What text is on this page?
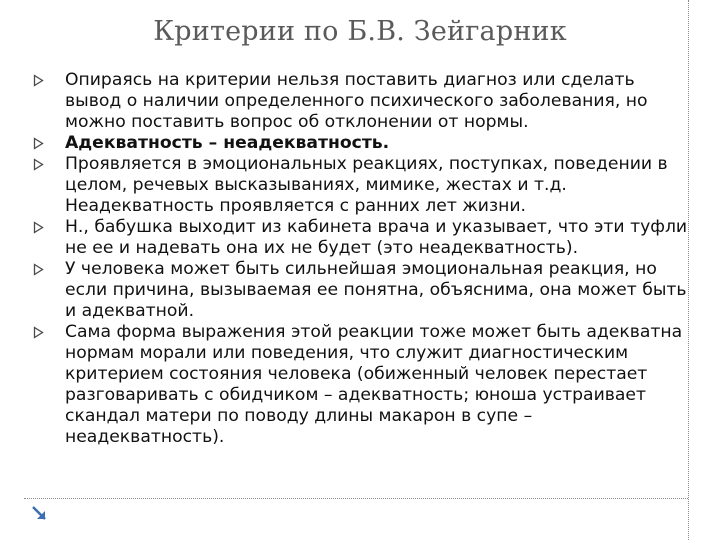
Критерии по Б.В. Зейгарник
Опираясь на критерии нельзя поставить диагноз или сделать вывод о наличии определенного психического заболевания, но можно поставить вопрос об отклонении от нормы.
Адекватность – неадекватность.
Проявляется в эмоциональных реакциях, поступках, поведении в целом, речевых высказываниях, мимике, жестах и т.д. Неадекватность проявляется с ранних лет жизни.
Н., бабушка выходит из кабинета врача и указывает, что эти туфли не ее и надевать она их не будет (это неадекватность).
У человека может быть сильнейшая эмоциональная реакция, но если причина, вызываемая ее понятна, объяснима, она может быть и адекватной.
Сама форма выражения этой реакции тоже может быть адекватна нормам морали или поведения, что служит диагностическим критерием состояния человека (обиженный человек перестает разговаривать с обидчиком – адекватность; юноша устраивает скандал матери по поводу длины макарон в супе – неадекватность).
